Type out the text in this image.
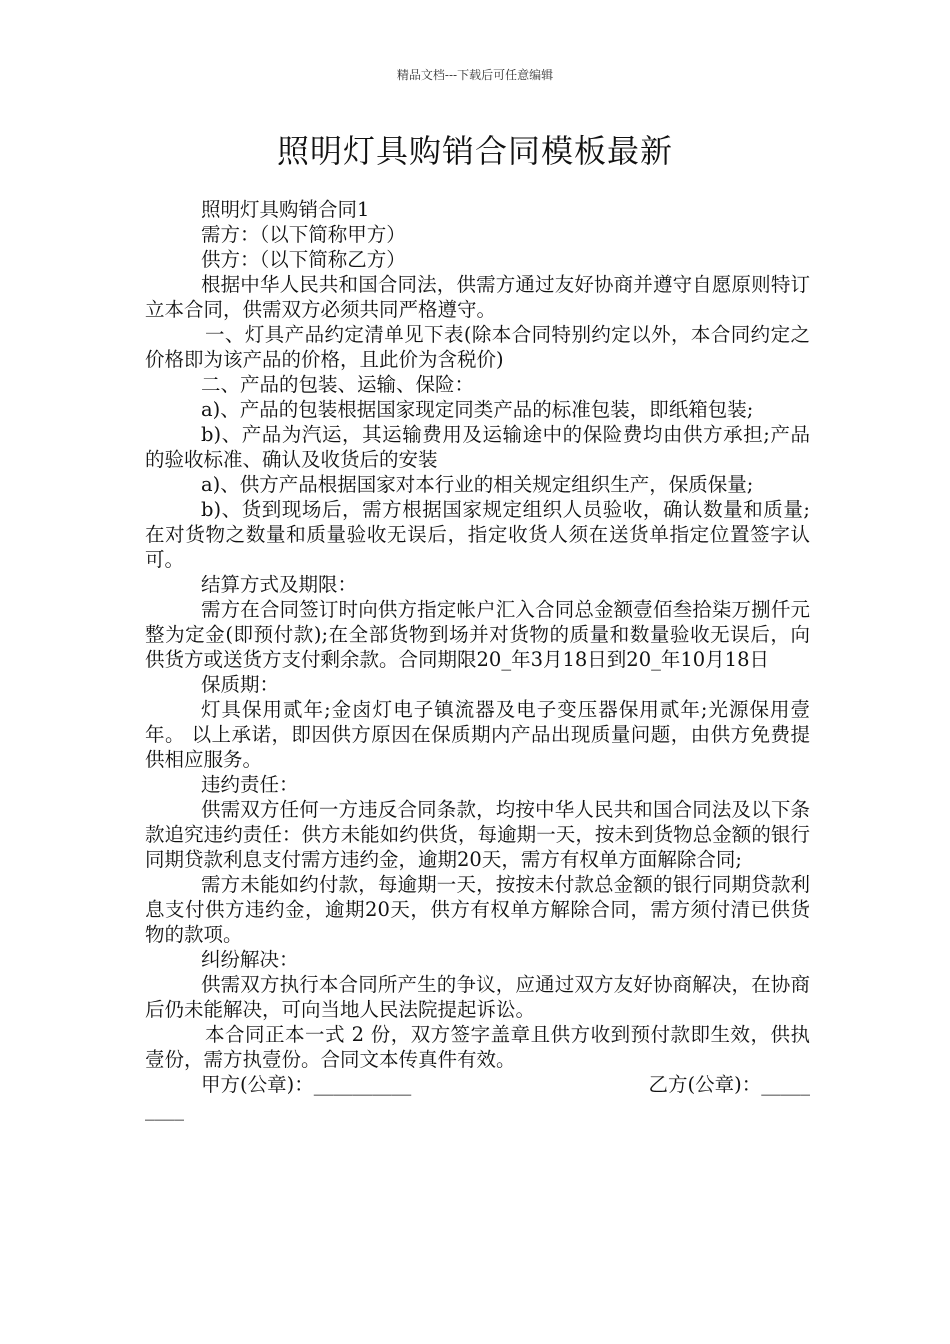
精品文档---下载后可任意编辑
照明灯具购销合同模板最新

照明灯具购销合同1

需方：（以下简称甲方）

供方：（以下简称乙方）

根据中华人民共和国合同法，供需方通过友好协商并遵守自愿原则特订立本合同，供需双方必须共同严格遵守。

一、灯具产品约定清单见下表(除本合同特别约定以外，本合同约定之价格即为该产品的价格，且此价为含税价)

二、产品的包装、运输、保险：

a)、产品的包装根据国家现定同类产品的标准包装，即纸箱包装;

b)、产品为汽运，其运输费用及运输途中的保险费均由供方承担;产品的验收标准、确认及收货后的安装

a)、供方产品根据国家对本行业的相关规定组织生产，保质保量;

b)、货到现场后，需方根据国家规定组织人员验收，确认数量和质量; 在对货物之数量和质量验收无误后，指定收货人须在送货单指定位置签字认可。

结算方式及期限：

需方在合同签订时向供方指定帐户汇入合同总金额壹佰叁拾柒万捌仟元整为定金(即预付款);在全部货物到场并对货物的质量和数量验收无误后，向供货方或送货方支付剩余款。合同期限20_年3月18日到20_年10月18日

保质期：

灯具保用贰年;金卤灯电子镇流器及电子变压器保用贰年;光源保用壹年。 以上承诺，即因供方原因在保质期内产品出现质量问题，由供方免费提供相应服务。

违约责任：

供需双方任何一方违反合同条款，均按中华人民共和国合同法及以下条款追究违约责任：供方未能如约供货，每逾期一天，按未到货物总金额的银行同期贷款利息支付需方违约金，逾期20天，需方有权单方面解除合同;

需方未能如约付款，每逾期一天，按按未付款总金额的银行同期贷款利息支付供方违约金，逾期20天，供方有权单方解除合同，需方须付清已供货物的款项。

纠纷解决：

供需双方执行本合同所产生的争议，应通过双方友好协商解决，在协商后仍未能解决，可向当地人民法院提起诉讼。

本合同正本一式 2 份，双方签字盖章且供方收到预付款即生效，供执壹份，需方执壹份。合同文本传真件有效。

甲方(公章)：__________	乙方(公章)：_____

____
